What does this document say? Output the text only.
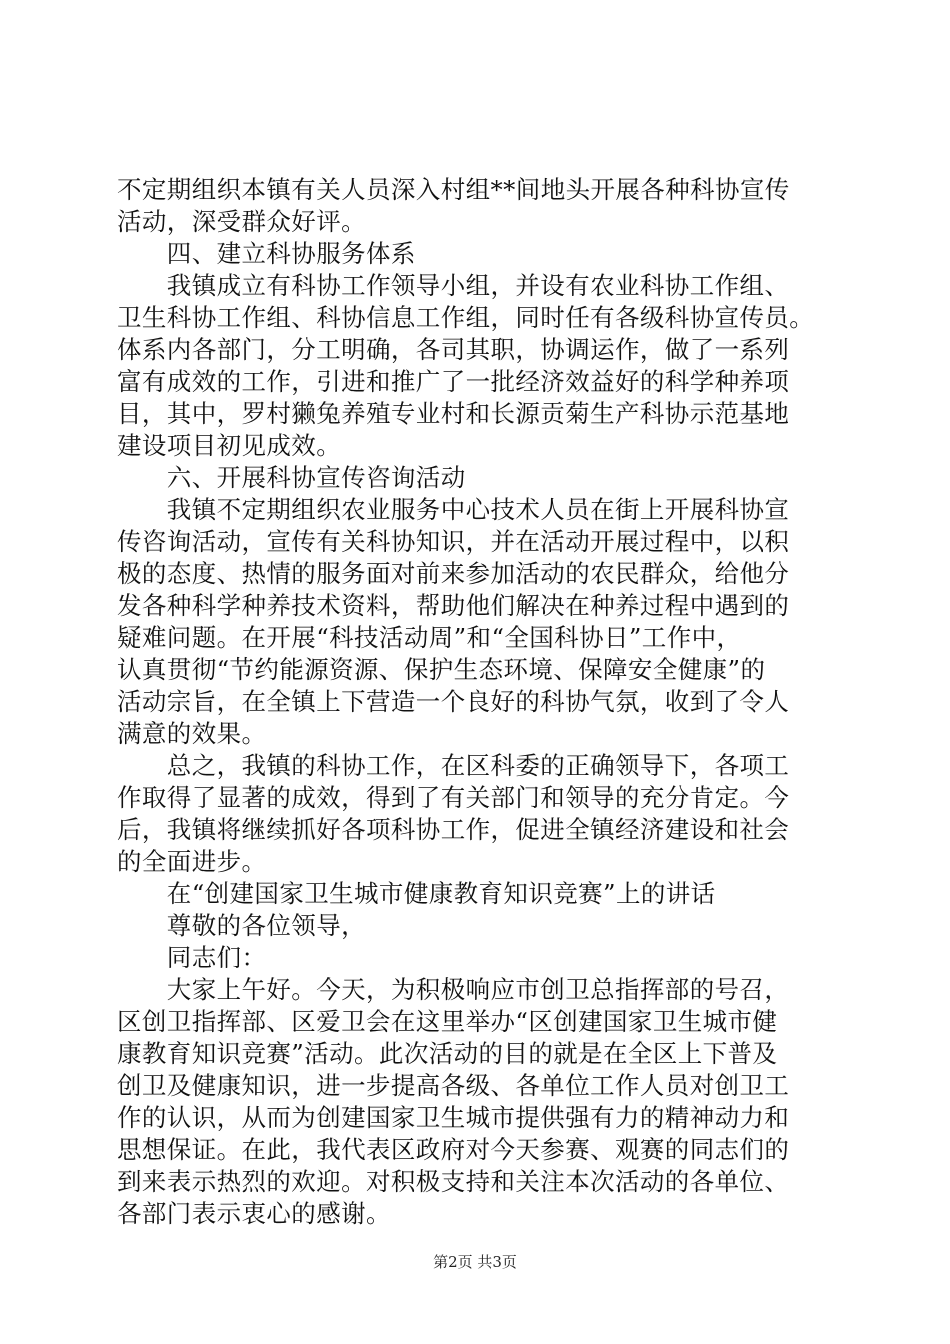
不定期组织本镇有关人员深入村组**间地头开展各种科协宣传
活动，深受群众好评。
　　四、建立科协服务体系
　　我镇成立有科协工作领导小组，并设有农业科协工作组、
卫生科协工作组、科协信息工作组，同时任有各级科协宣传员。
体系内各部门，分工明确，各司其职，协调运作，做了一系列
富有成效的工作，引进和推广了一批经济效益好的科学种养项
目，其中，罗村獭兔养殖专业村和长源贡菊生产科协示范基地
建设项目初见成效。
　　六、开展科协宣传咨询活动
　　我镇不定期组织农业服务中心技术人员在街上开展科协宣
传咨询活动，宣传有关科协知识，并在活动开展过程中，以积
极的态度、热情的服务面对前来参加活动的农民群众，给他分
发各种科学种养技术资料，帮助他们解决在种养过程中遇到的
疑难问题。在开展“科技活动周”和“全国科协日”工作中，
认真贯彻“节约能源资源、保护生态环境、保障安全健康”的
活动宗旨，在全镇上下营造一个良好的科协气氛，收到了令人
满意的效果。
　　总之，我镇的科协工作，在区科委的正确领导下，各项工
作取得了显著的成效，得到了有关部门和领导的充分肯定。今
后，我镇将继续抓好各项科协工作，促进全镇经济建设和社会
的全面进步。
　　在“创建国家卫生城市健康教育知识竞赛”上的讲话
　　尊敬的各位领导，
　　同志们：
　　大家上午好。今天，为积极响应市创卫总指挥部的号召，
区创卫指挥部、区爱卫会在这里举办“区创建国家卫生城市健
康教育知识竞赛”活动。此次活动的目的就是在全区上下普及
创卫及健康知识，进一步提高各级、各单位工作人员对创卫工
作的认识，从而为创建国家卫生城市提供强有力的精神动力和
思想保证。在此，我代表区政府对今天参赛、观赛的同志们的
到来表示热烈的欢迎。对积极支持和关注本次活动的各单位、
各部门表示衷心的感谢。
第2页 共3页
